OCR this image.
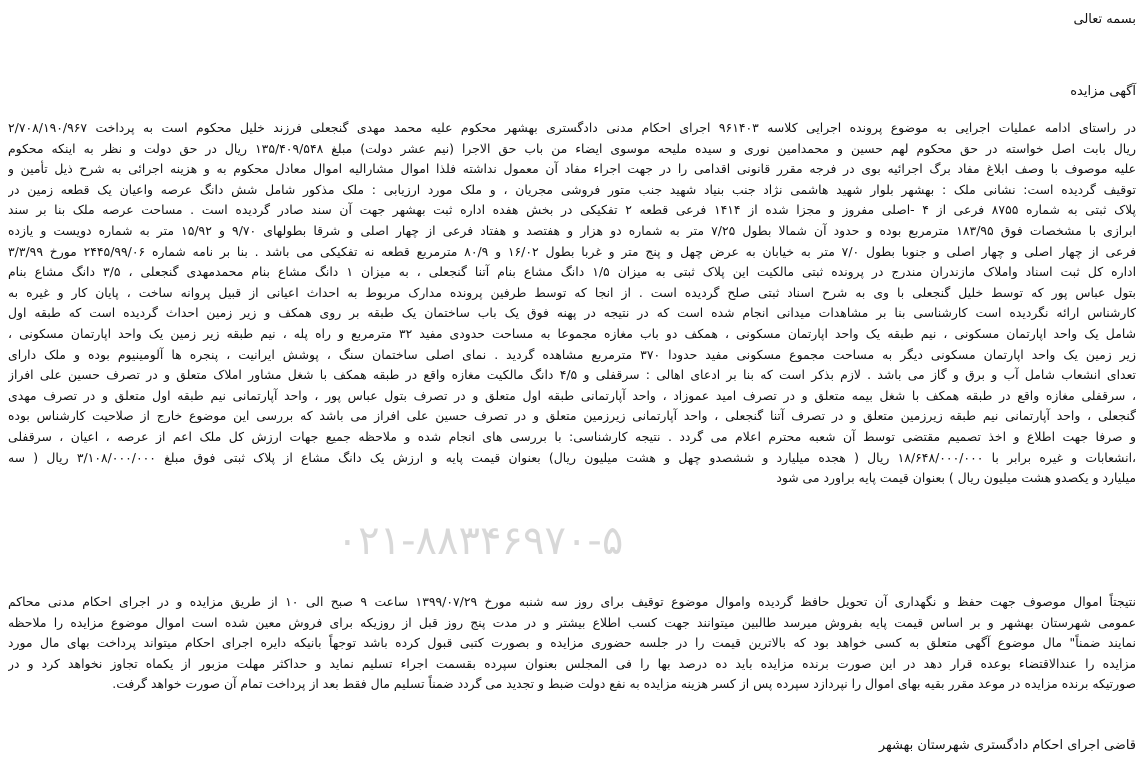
بسمه تعالی
آگهی مزایده
۰۲۱-۸۸۳۴۶۹۷۰-۵
در راستای ادامه عملیات اجرایی به موضوع پرونده اجرایی کلاسه ۹۶۱۴۰۳ اجرای احکام مدنی دادگستری بهشهر محکوم علیه محمد مهدی گنجعلی فرزند خلیل محکوم است به پرداخت ۲/۷۰۸/۱۹۰/۹۶۷
ریال بابت اصل خواسته در حق محکوم لهم حسین و محمدامین نوری و سیده ملیحه موسوی ایضاء من باب حق الاجرا (نیم عشر دولت) مبلغ ۱۳۵/۴۰۹/۵۴۸ ریال در حق دولت و نظر به اینکه محکوم
علیه موصوف با وصف ابلاغ مفاد برگ اجرائیه بوی در فرجه مقرر قانونی اقدامی را در جهت اجراء مفاد آن معمول نداشته فلذا اموال مشارالیه اموال معادل محکوم به و هزینه اجرائی به شرح ذیل تأمین و
توقیف گردیده است: نشانی ملک : بهشهر بلوار شهید هاشمی نژاد جنب بنیاد شهید جنب متور فروشی مجریان ، و ملک مورد ارزیابی : ملک مذکور شامل شش دانگ عرصه واعیان یک قطعه زمین در
پلاک ثبتی به شماره ۸۷۵۵ فرعی از ۴ -اصلی مفروز و مجزا شده از ۱۴۱۴ فرعی قطعه ۲ تفکیکی در بخش هفده اداره ثبت بهشهر جهت آن سند صادر گردیده است . مساحت عرصه ملک بنا بر سند
ابرازی با مشخصات فوق ۱۸۳/۹۵ مترمربع بوده و حدود آن شمالا بطول ۷/۲۵ متر به شماره دو هزار و هفتصد و هفتاد فرعی از چهار اصلی و شرقا بطولهای ۹/۷۰ و ۱۵/۹۲ متر به شماره دویست و یازده
فرعی از چهار اصلی و چهار اصلی و جنوبا بطول ۷/۰ متر به خیابان به عرض چهل و پنج متر و غربا بطول ۱۶/۰۲ و ۸۰/۹ مترمربع قطعه نه تفکیکی می باشد . بنا بر نامه شماره ۲۴۴۵/۹۹/۰۶ مورخ ۳/۳/۹۹
اداره کل ثبت اسناد واملاک مازندران مندرج در پرونده ثبتی مالکیت این پلاک ثبتی به میزان ۱/۵ دانگ مشاع بنام آتنا گنجعلی ، به میزان ۱ دانگ مشاع بنام محمدمهدی گنجعلی ، ۳/۵ دانگ مشاع بنام
بتول عباس پور که توسط خلیل گنجعلی با وی به شرح اسناد ثبتی صلح گردیده است . از انجا که توسط طرفین پرونده مدارک مربوط به احداث اعیانی از قبیل پروانه ساخت ، پایان کار و غیره به
کارشناس ارائه نگردیده است کارشناسی بنا بر مشاهدات میدانی انجام شده است که در نتیجه در پهنه فوق یک باب ساختمان یک طبقه بر روی همکف و زیر زمین احداث گردیده است که طبقه اول
شامل یک واحد اپارتمان مسکونی ، نیم طبقه یک واحد اپارتمان مسکونی ، همکف دو باب مغازه مجموعا به مساحت حدودی مفید ۳۲ مترمربع و راه پله ، نیم طبقه زیر زمین یک واحد اپارتمان مسکونی ،
زیر زمین یک واحد اپارتمان مسکونی دیگر به مساحت مجموع مسکونی مفید حدودا ۳۷۰ مترمربع مشاهده گردید . نمای اصلی ساختمان سنگ ، پوشش ایرانیت ، پنجره ها آلومینیوم بوده و ملک دارای
تعدای انشعاب شامل آب و برق و گاز می باشد . لازم بذکر است که بنا بر ادعای اهالی : سرقفلی و ۴/۵ دانگ مالکیت مغازه واقع در طبقه همکف با شغل مشاور املاک متعلق و در تصرف حسین علی افراز
، سرقفلی مغازه واقع در طبقه همکف با شغل بیمه متعلق و در تصرف امید عموزاد ، واحد آپارتمانی طبقه اول متعلق و در تصرف بتول عباس پور ، واحد آپارتمانی نیم طبقه اول متعلق و در تصرف مهدی
گنجعلی ، واحد آپارتمانی نیم طبقه زیرزمین متعلق و در تصرف آتنا گنجعلی ، واحد آپارتمانی زیرزمین متعلق و در تصرف حسین علی افراز می باشد که بررسی این موضوع خارج از صلاحیت کارشناس بوده
و صرفا جهت اطلاع و اخذ تصمیم مقتضی توسط آن شعبه محترم اعلام می گردد . نتیجه کارشناسی: با بررسی های انجام شده و ملاحظه جمیع جهات ارزش کل ملک اعم از عرصه ، اعیان ، سرقفلی
،انشعابات و غیره برابر با ۱۸/۶۴۸/۰۰۰/۰۰۰ ریال ( هجده میلیارد و ششصدو چهل و هشت میلیون ریال) بعنوان قیمت پایه و ارزش یک دانگ مشاع از پلاک ثبتی فوق مبلغ ۳/۱۰۸/۰۰۰/۰۰۰ ریال ( سه
میلیارد و یکصدو هشت میلیون ریال ) بعنوان قیمت پایه براورد می شود
نتیجتاً اموال موصوف جهت حفظ و نگهداری آن تحویل حافظ گردیده واموال موضوع توقیف برای روز سه شنبه مورخ ۱۳۹۹/۰۷/۲۹ ساعت ۹ صبح الی ۱۰ از طریق مزایده و در اجرای احکام مدنی محاکم
عمومی شهرستان بهشهر و بر اساس قیمت پایه بفروش میرسد طالبین میتوانند جهت کسب اطلاع بیشتر و در مدت پنج روز قبل از روزیکه برای فروش معین شده است اموال موضوع مزایده را ملاحظه
نمایند ضمناً" مال موضوع آگهی متعلق به کسی خواهد بود که بالاترین قیمت را در جلسه حضوری مزایده و بصورت کتبی قبول کرده باشد توجهاً بانیکه دایره اجرای احکام میتواند پرداخت بهای مال مورد
مزایده را عندالاقتضاء بوعده قرار دهد در این صورت برنده مزایده باید ده درصد بها را فی المجلس بعنوان سپرده بقسمت اجراء تسلیم نماید و حداکثر مهلت مزبور از یکماه تجاوز نخواهد کرد و در
صورتیکه برنده مزایده در موعد مقرر بقیه بهای اموال را نپردازد سپرده پس از کسر هزینه مزایده به نفع دولت ضبط و تجدید می گردد ضمناً تسلیم مال فقط بعد از پرداخت تمام آن صورت خواهد گرفت.
قاضی اجرای احکام دادگستری شهرستان بهشهر
